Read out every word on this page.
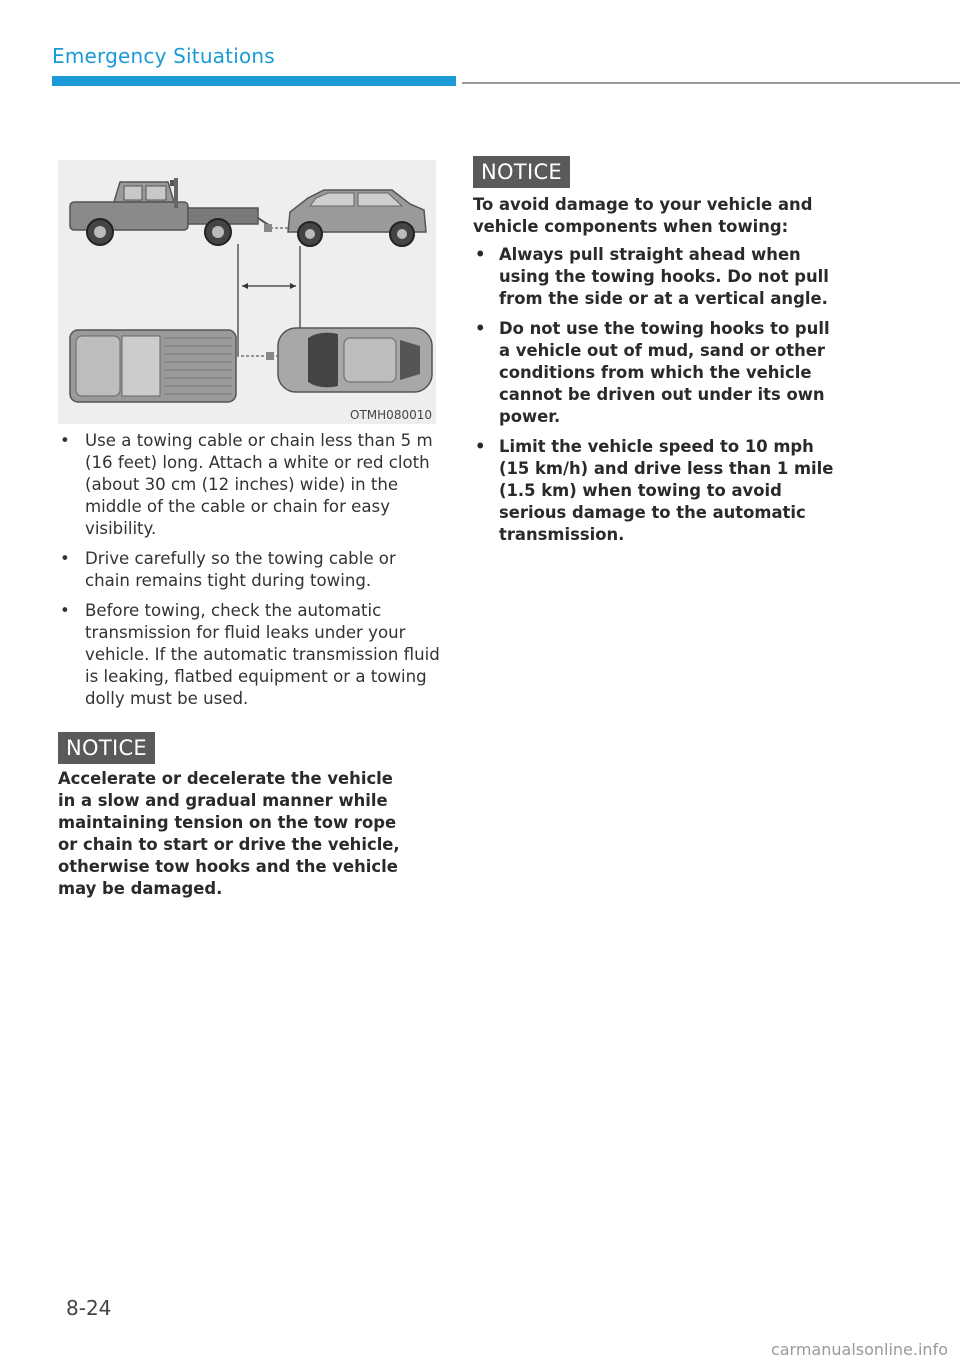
Emergency Situations
OTMH080010
• Use a towing cable or chain less than 5 m (16 feet) long. Attach a white or red cloth (about 30 cm (12 inches) wide) in the middle of the cable or chain for easy visibility.
• Drive carefully so the towing cable or chain remains tight during towing.
• Before towing, check the automatic transmission for fluid leaks under your vehicle. If the automatic transmission fluid is leaking, flatbed equipment or a towing dolly must be used.
NOTICE
Accelerate or decelerate the vehicle in a slow and gradual manner while maintaining tension on the tow rope or chain to start or drive the vehicle, otherwise tow hooks and the vehicle may be damaged.
NOTICE
To avoid damage to your vehicle and vehicle components when towing:
• Always pull straight ahead when using the towing hooks. Do not pull from the side or at a vertical angle.
• Do not use the towing hooks to pull a vehicle out of mud, sand or other conditions from which the vehicle cannot be driven out under its own power.
• Limit the vehicle speed to 10 mph (15 km/h) and drive less than 1 mile (1.5 km) when towing to avoid serious damage to the automatic transmission.
8-24
carmanualsonline.info
